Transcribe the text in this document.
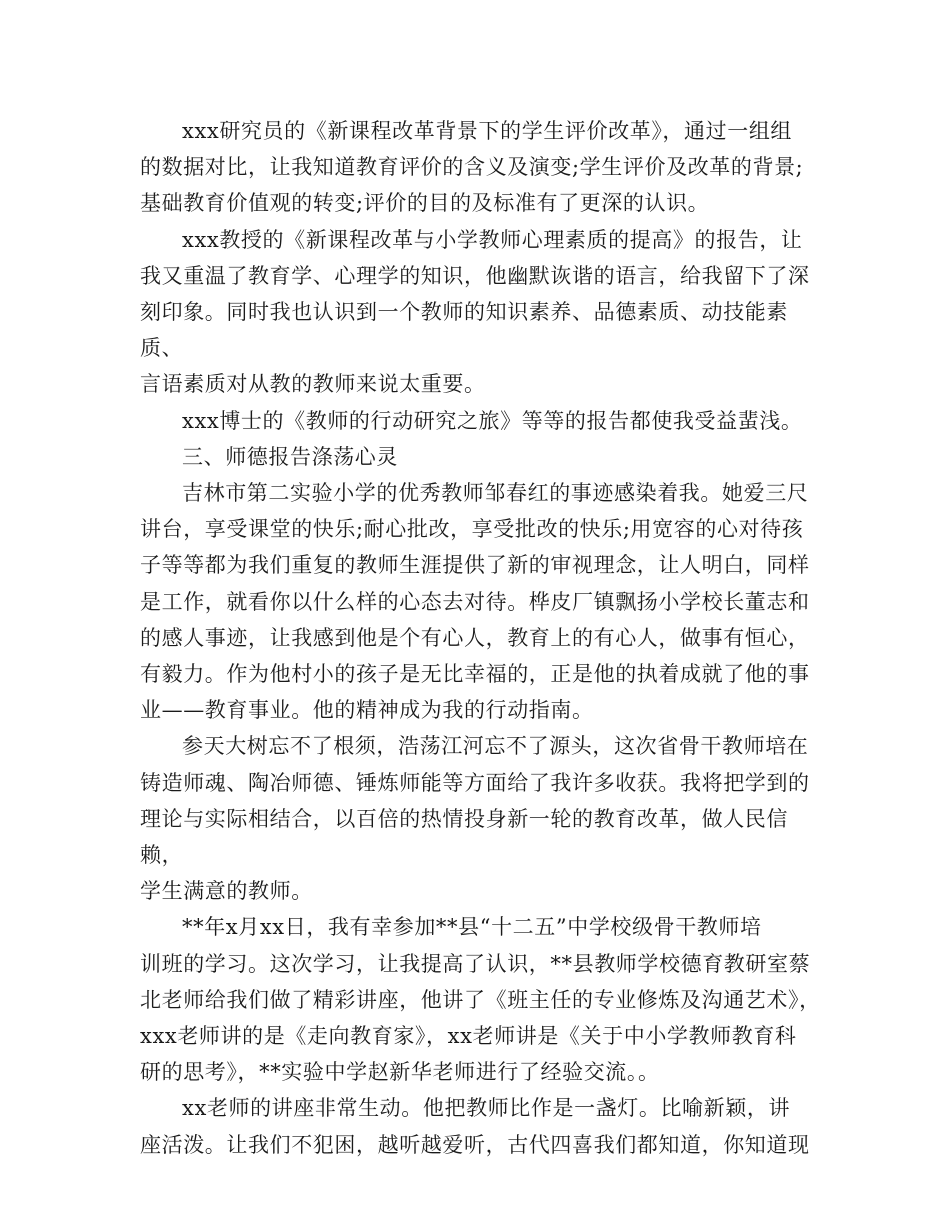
xxx研究员的《新课程改革背景下的学生评价改革》，通过一组组
的数据对比，让我知道教育评价的含义及演变;学生评价及改革的背景;
基础教育价值观的转变;评价的目的及标准有了更深的认识。

xxx教授的《新课程改革与小学教师心理素质的提高》的报告，让
我又重温了教育学、心理学的知识，他幽默诙谐的语言，给我留下了深
刻印象。同时我也认识到一个教师的知识素养、品德素质、动技能素质、
言语素质对从教的教师来说太重要。

xxx博士的《教师的行动研究之旅》等等的报告都使我受益蜚浅。

三、师德报告涤荡心灵

吉林市第二实验小学的优秀教师邹春红的事迹感染着我。她爱三尺
讲台，享受课堂的快乐;耐心批改，享受批改的快乐;用宽容的心对待孩
子等等都为我们重复的教师生涯提供了新的审视理念，让人明白，同样
是工作，就看你以什么样的心态去对待。桦皮厂镇飘扬小学校长董志和
的感人事迹，让我感到他是个有心人，教育上的有心人，做事有恒心，
有毅力。作为他村小的孩子是无比幸福的，正是他的执着成就了他的事
业——教育事业。他的精神成为我的行动指南。

参天大树忘不了根须，浩荡江河忘不了源头，这次省骨干教师培在
铸造师魂、陶冶师德、锤炼师能等方面给了我许多收获。我将把学到的
理论与实际相结合，以百倍的热情投身新一轮的教育改革，做人民信赖，
学生满意的教师。

**年x月xx日，我有幸参加**县“十二五”中学校级骨干教师培
训班的学习。这次学习，让我提高了认识，**县教师学校德育教研室蔡
北老师给我们做了精彩讲座，他讲了《班主任的专业修炼及沟通艺术》，
xxx老师讲的是《走向教育家》，xx老师讲是《关于中小学教师教育科
研的思考》，**实验中学赵新华老师进行了经验交流。。

xx老师的讲座非常生动。他把教师比作是一盏灯。比喻新颖，讲
座活泼。让我们不犯困，越听越爱听，古代四喜我们都知道，你知道现
